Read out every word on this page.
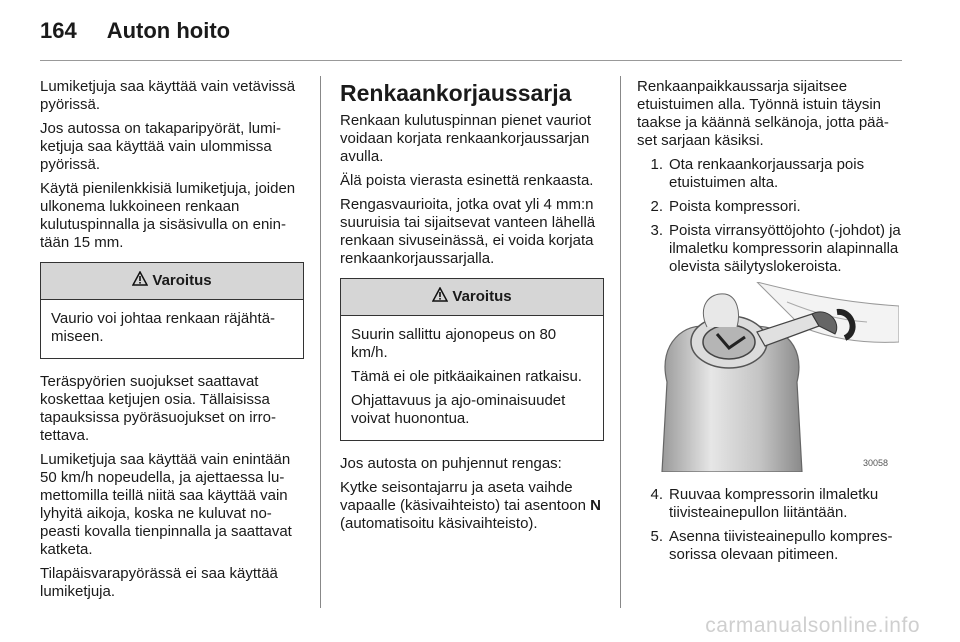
164 Auton hoito

Lumiketjuja saa käyttää vain vetävissä pyörissä.

Jos autossa on takaparipyörät, lumiketjuja saa käyttää vain ulommissa pyörissä.

Käytä pienilenkkisiä lumiketjuja, joiden ulkonema lukkoineen renkaan kulutuspinnalla ja sisäsivulla on enintään 15 mm.

Varoitus

Vaurio voi johtaa renkaan räjähtämiseen.

Teräspyörien suojukset saattavat koskettaa ketjujen osia. Tällaisissa tapauksissa pyöräsuojukset on irrotettava.

Lumiketjuja saa käyttää vain enintään 50 km/h nopeudella, ja ajettaessa lumettomilla teillä niitä saa käyttää vain lyhyitä aikoja, koska ne kuluvat nopeasti kovalla tienpinnalla ja saattavat katketa.

Tilapäisvarapyörässä ei saa käyttää lumiketjuja.

Renkaankorjaussarja

Renkaan kulutuspinnan pienet vauriot voidaan korjata renkaankorjaussarjan avulla.

Älä poista vierasta esinettä renkaasta.

Rengasvaurioita, jotka ovat yli 4 mm:n suuruisia tai sijaitsevat vanteen lähellä renkaan sivuseinässä, ei voida korjata renkaankorjaussarjalla.

Varoitus

Suurin sallittu ajonopeus on 80 km/h.

Tämä ei ole pitkäaikainen ratkaisu.

Ohjattavuus ja ajo-ominaisuudet voivat huonontua.

Jos autosta on puhjennut rengas:

Kytke seisontajarru ja aseta vaihde vapaalle (käsivaihteisto) tai asentoon N (automatisoitu käsivaihteisto).

Renkaanpaikkaussarja sijaitsee etuistuimen alla. Työnnä istuin täysin taakse ja käännä selkänoja, jotta pääset sarjaan käsiksi.

1. Ota renkaankorjaussarja pois etuistuimen alta.
2. Poista kompressori.
3. Poista virransyöttöjohto (-johdot) ja ilmaletku kompressorin alapinnalla olevista säilytyslokeroista.
30058
4. Ruuvaa kompressorin ilmaletku tiivisteainepullon liitäntään.
5. Asenna tiivisteainepullo kompressorissa olevaan pitimeen.
carmanualsonline.info
